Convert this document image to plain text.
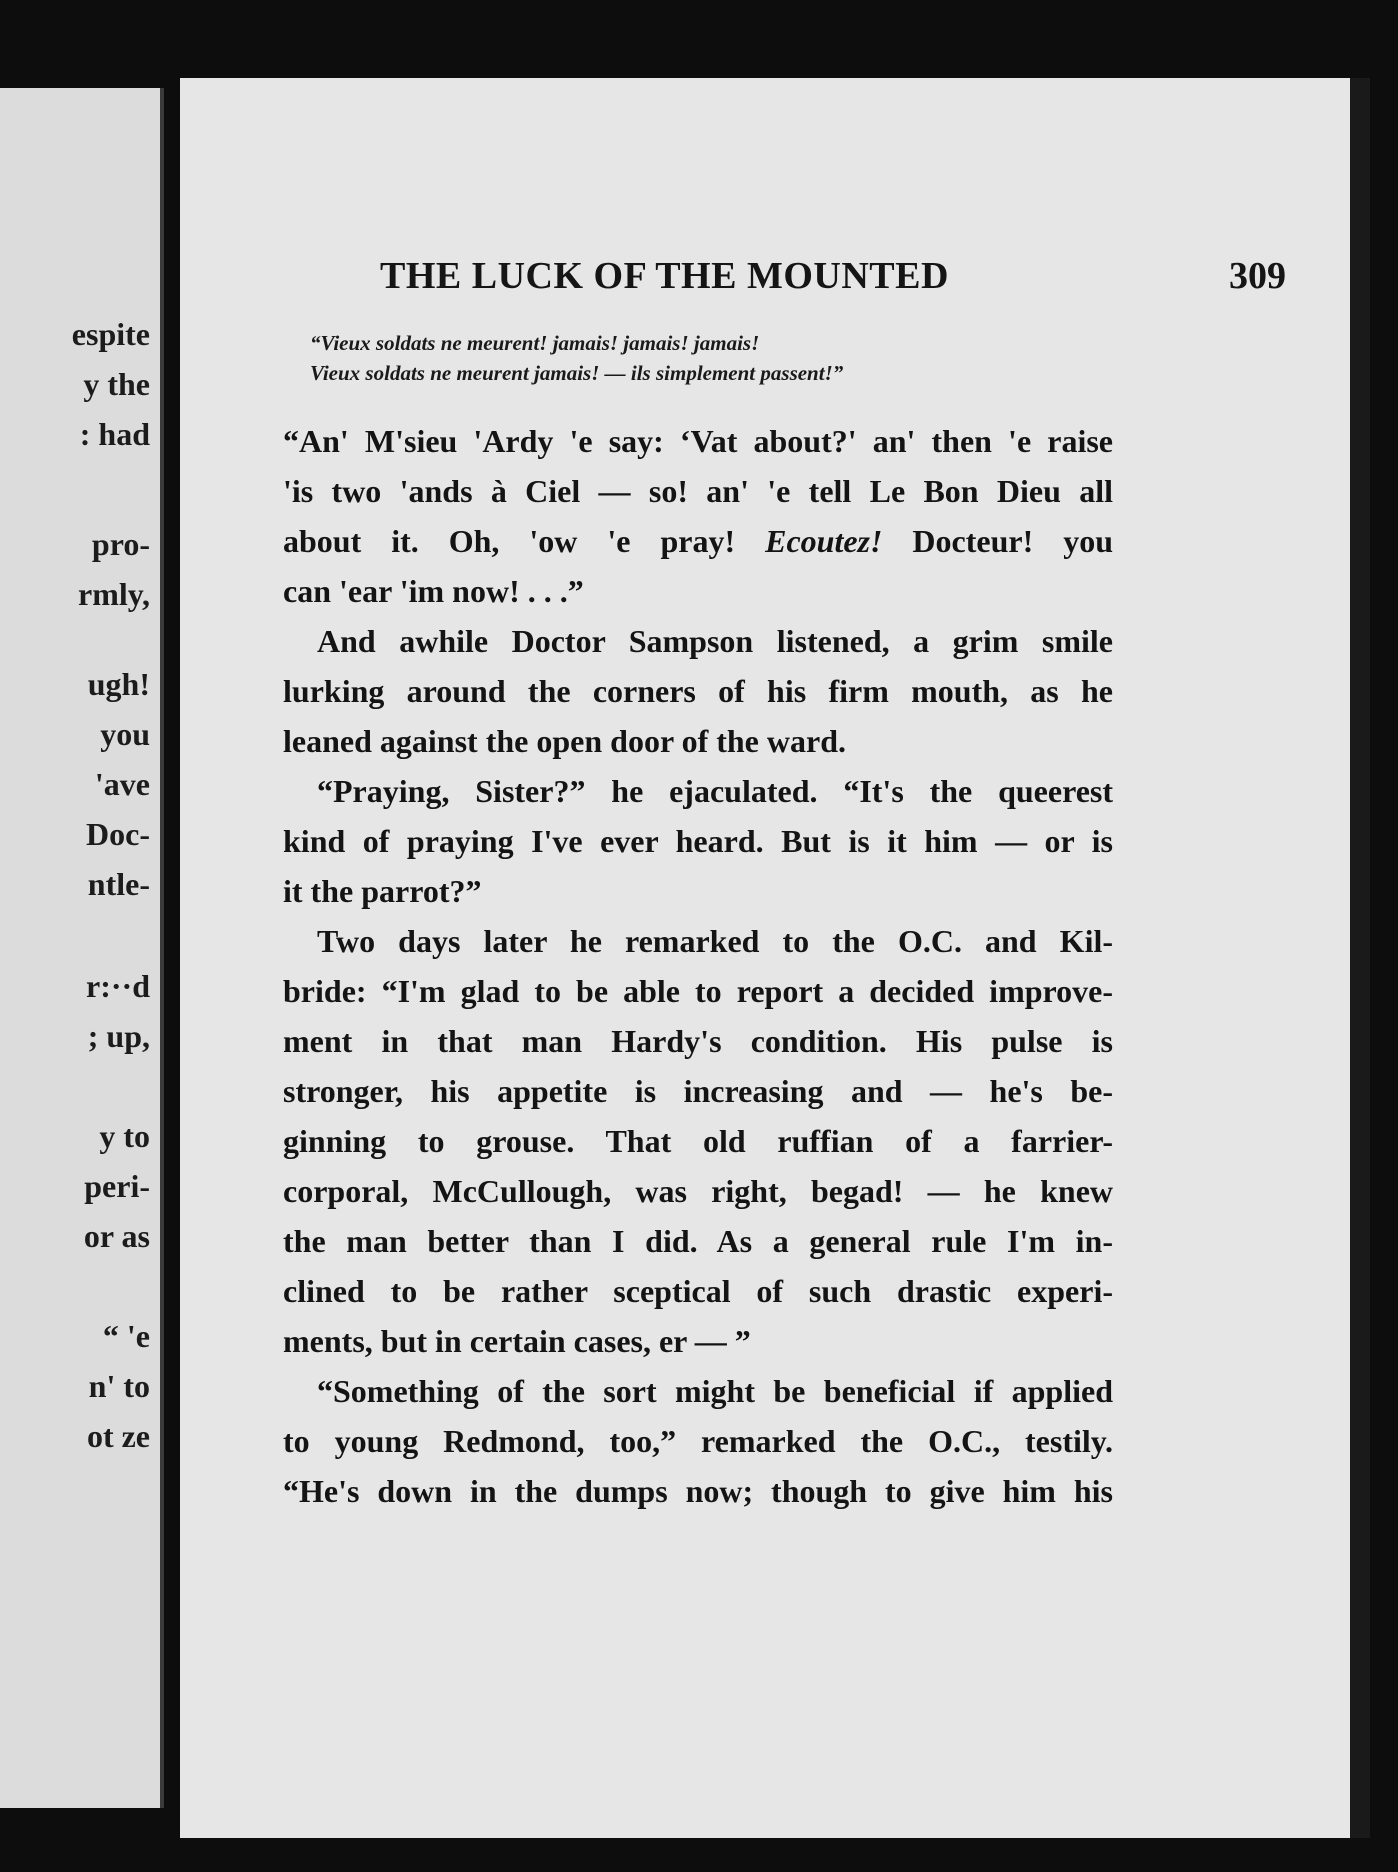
espite
y the
: had
pro-
rmly,
ugh!
you
'ave
Doc-
ntle-
r:··d
; up,
y to
peri-
or as
“ 'e
n' to
ot ze
THE LUCK OF THE MOUNTED	309
“Vieux soldats ne meurent! jamais! jamais! jamais!
Vieux soldats ne meurent jamais! — ils simplement passent!”
“An' M'sieu 'Ardy 'e say: ‘Vat about?' an' then 'e raise
'is two 'ands à Ciel — so! an' 'e tell Le Bon Dieu all
about it. Oh, 'ow 'e pray! Ecoutez! Docteur! you
can 'ear 'im now! . . .”
And awhile Doctor Sampson listened, a grim smile
lurking around the corners of his firm mouth, as he
leaned against the open door of the ward.
“Praying, Sister?” he ejaculated. “It's the queerest
kind of praying I've ever heard. But is it him — or is
it the parrot?”
Two days later he remarked to the O.C. and Kil-
bride: “I'm glad to be able to report a decided improve-
ment in that man Hardy's condition. His pulse is
stronger, his appetite is increasing and — he's be-
ginning to grouse. That old ruffian of a farrier-
corporal, McCullough, was right, begad! — he knew
the man better than I did. As a general rule I'm in-
clined to be rather sceptical of such drastic experi-
ments, but in certain cases, er — ”
“Something of the sort might be beneficial if applied
to young Redmond, too,” remarked the O.C., testily.
“He's down in the dumps now; though to give him his
